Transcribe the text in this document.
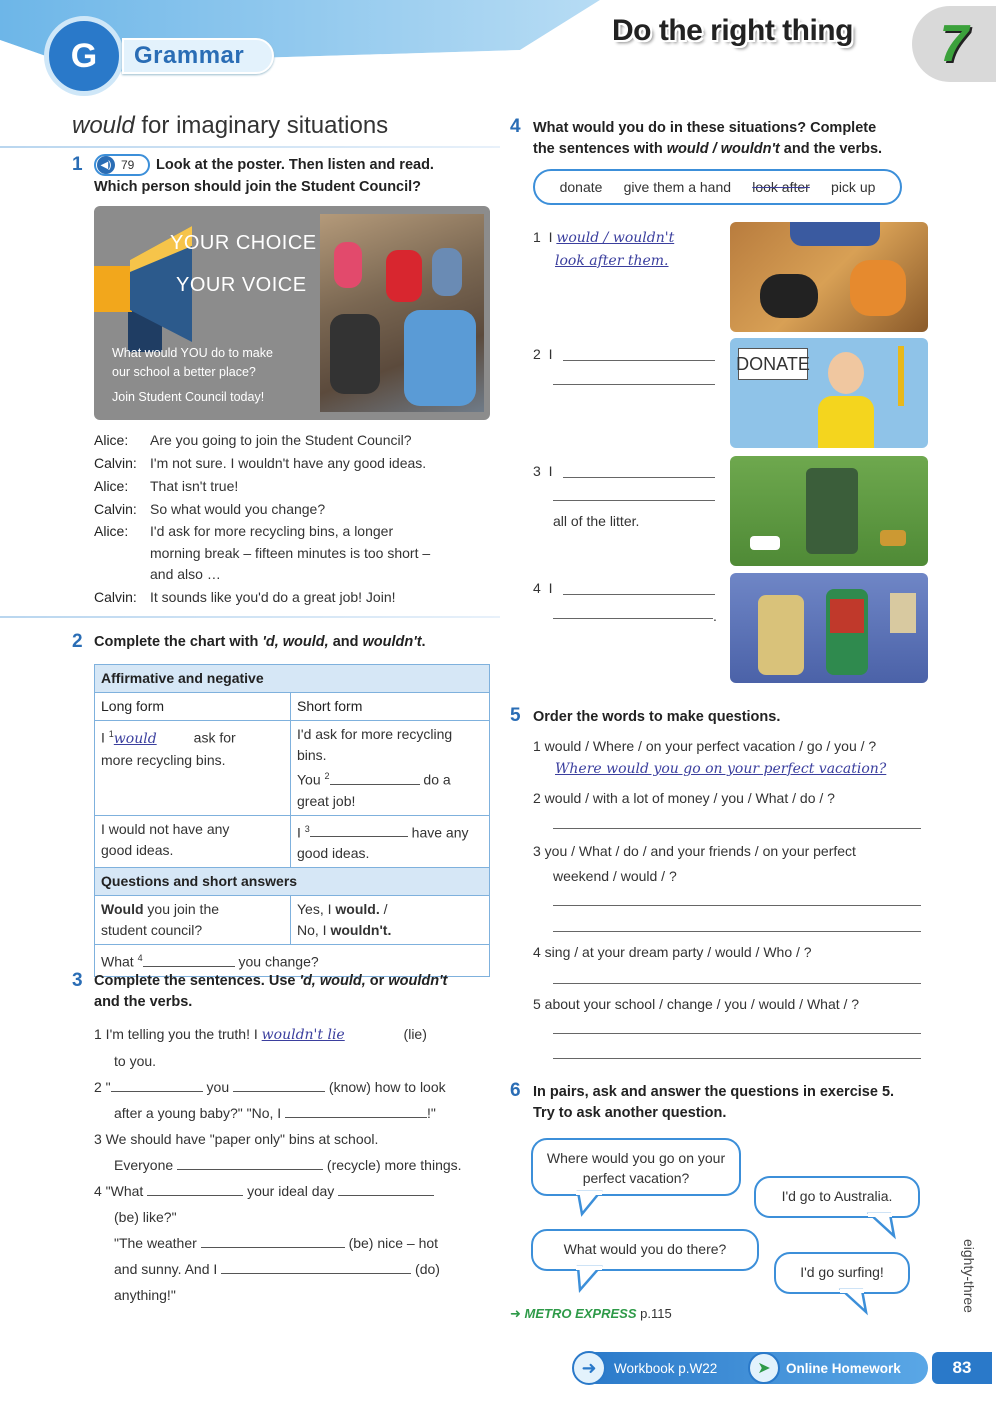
G Grammar
Do the right thing 7
would for imaginary situations
1	◀) 79 Look at the poster. Then listen and read.
Which person should join the Student Council?
YOUR CHOICE
YOUR VOICE
What would YOU do to make
our school a better place?
Join Student Council today!
Alice:	Are you going to join the Student Council?
Calvin: I'm not sure. I wouldn't have any good ideas.
Alice:	That isn't true!
Calvin: So what would you change?
Alice:	I'd ask for more recycling bins, a longer
morning break – fifteen minutes is too short –
and also …
Calvin: It sounds like you'd do a great job! Join!
2 Complete the chart with 'd, would, and wouldn't.
Affirmative and negative	
Long form	Short form
I $^1$would ask for
more recycling bins.	I'd ask for more recycling
bins.
You $^2$ do a
great job!
I would not have any
good ideas.	I $^3$ have any
good ideas.
Questions and short answers	
Would you join the
student council?	Yes, I would. /
No, I wouldn't.
What $^4$ you change?	
3 Complete the sentences. Use 'd, would, or wouldn't
and the verbs.
1 I'm telling you the truth! I wouldn't lie	(lie)
to you.
2 "	you	(know) how to look
after a young baby?" "No, I	!"
3 We should have "paper only" bins at school.
Everyone	(recycle) more things.
4 "What	your ideal day
(be) like?"
"The weather	(be) nice – hot
and sunny. And I	(do)
anything!"
4 What would you do in these situations? Complete
the sentences with would / wouldn't and the verbs.
donate give them a hand look after pick up
1 I would / wouldn't
look after them.
2 I	DONATE
3 I
all of the litter.
4 I
.
5 Order the words to make questions.
1 would / Where / on your perfect vacation / go / you / ?
Where would you go on your perfect vacation?
2 would / with a lot of money / you / What / do / ?
3 you / What / do / and your friends / on your perfect
weekend / would / ?
4 sing / at your dream party / would / Who / ?
5 about your school / change / you / would / What / ?
6 In pairs, ask and answer the questions in exercise 5.
Try to ask another question.
Where would you go on your perfect vacation?
I'd go to Australia.
What would you do there?
I'd go surfing!
➜ METRO EXPRESS p.115
eighty-three
➜	Workbook p.W22	➤	Online Homework	83
